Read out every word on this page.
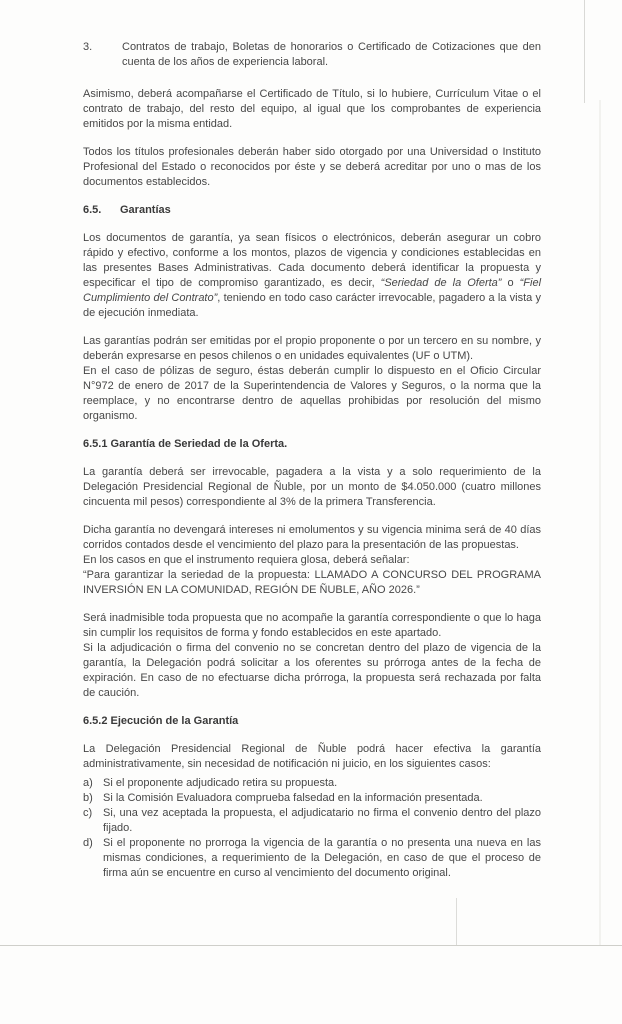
3.	Contratos de trabajo, Boletas de honorarios o Certificado de Cotizaciones que den cuenta de los años de experiencia laboral.

Asimismo, deberá acompañarse el Certificado de Título, si lo hubiere, Currículum Vitae o el contrato de trabajo, del resto del equipo, al igual que los comprobantes de experiencia emitidos por la misma entidad.

Todos los títulos profesionales deberán haber sido otorgado por una Universidad o Instituto Profesional del Estado o reconocidos por éste y se deberá acreditar por uno o mas de los documentos establecidos.

6.5.	Garantías

Los documentos de garantía, ya sean físicos o electrónicos, deberán asegurar un cobro rápido y efectivo, conforme a los montos, plazos de vigencia y condiciones establecidas en las presentes Bases Administrativas. Cada documento deberá identificar la propuesta y especificar el tipo de compromiso garantizado, es decir, “Seriedad de la Oferta” o “Fiel Cumplimiento del Contrato”, teniendo en todo caso carácter irrevocable, pagadero a la vista y de ejecución inmediata.

Las garantías podrán ser emitidas por el propio proponente o por un tercero en su nombre, y deberán expresarse en pesos chilenos o en unidades equivalentes (UF o UTM).

En el caso de pólizas de seguro, éstas deberán cumplir lo dispuesto en el Oficio Circular N°972 de enero de 2017 de la Superintendencia de Valores y Seguros, o la norma que la reemplace, y no encontrarse dentro de aquellas prohibidas por resolución del mismo organismo.

6.5.1 Garantía de Seriedad de la Oferta.

La garantía deberá ser irrevocable, pagadera a la vista y a solo requerimiento de la Delegación Presidencial Regional de Ñuble, por un monto de $4.050.000 (cuatro millones cincuenta mil pesos) correspondiente al 3% de la primera Transferencia.

Dicha garantía no devengará intereses ni emolumentos y su vigencia minima será de 40 días corridos contados desde el vencimiento del plazo para la presentación de las propuestas.

En los casos en que el instrumento requiera glosa, deberá señalar:

“Para garantizar la seriedad de la propuesta: LLAMADO A CONCURSO DEL PROGRAMA INVERSIÓN EN LA COMUNIDAD, REGIÓN DE ÑUBLE, AÑO 2026.”

Será inadmisible toda propuesta que no acompañe la garantía correspondiente o que lo haga sin cumplir los requisitos de forma y fondo establecidos en este apartado.

Si la adjudicación o firma del convenio no se concretan dentro del plazo de vigencia de la garantía, la Delegación podrá solicitar a los oferentes su prórroga antes de la fecha de expiración. En caso de no efectuarse dicha prórroga, la propuesta será rechazada por falta de caución.

6.5.2 Ejecución de la Garantía

La Delegación Presidencial Regional de Ñuble podrá hacer efectiva la garantía administrativamente, sin necesidad de notificación ni juicio, en los siguientes casos:

a) Si el proponente adjudicado retira su propuesta.
b) Si la Comisión Evaluadora comprueba falsedad en la información presentada.
c) Si, una vez aceptada la propuesta, el adjudicatario no firma el convenio dentro del plazo fijado.
d) Si el proponente no prorroga la vigencia de la garantía o no presenta una nueva en las mismas condiciones, a requerimiento de la Delegación, en caso de que el proceso de firma aún se encuentre en curso al vencimiento del documento original.
